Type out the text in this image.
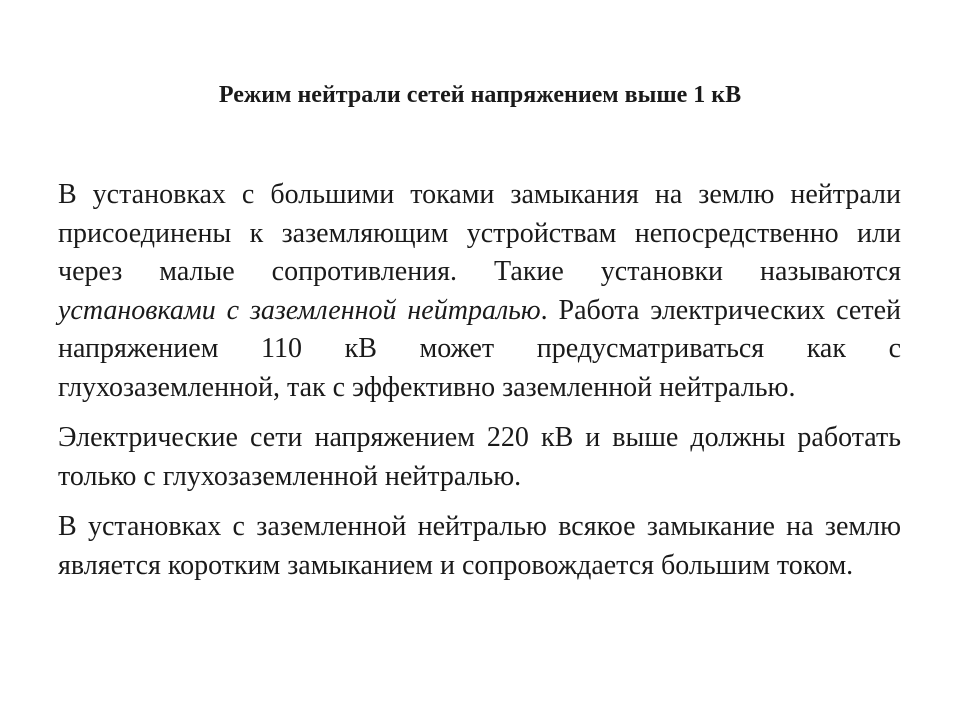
Режим нейтрали сетей напряжением выше 1 кВ

В установках с большими токами замыкания на землю нейтрали присоединены к заземляющим устройствам непосредственно или через малые сопротивления. Такие установки называются установками с заземленной нейтралью. Работа электрических сетей напряжением 110 кВ может предусматриваться как с глухозаземленной, так с эффективно заземленной нейтралью.

Электрические сети напряжением 220 кВ и выше должны работать только с глухозаземленной нейтралью.

В установках с заземленной нейтралью всякое замыкание на землю является коротким замыканием и сопровождается большим током.
